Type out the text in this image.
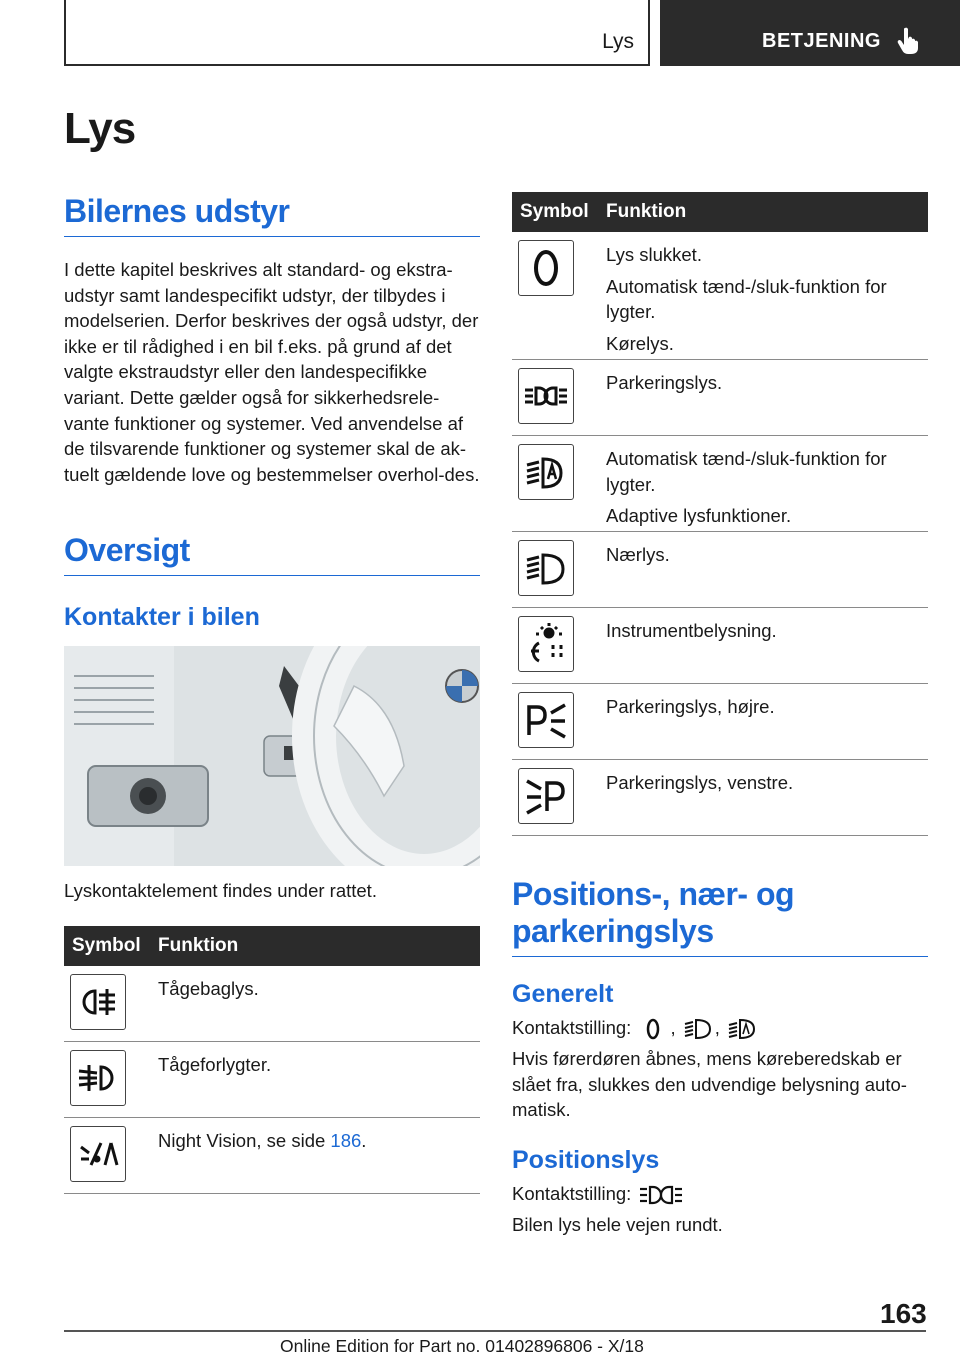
Lys	BETJENING
Lys
Bilernes udstyr

I dette kapitel beskrives alt standard- og ekstra-udstyr samt landespecifikt udstyr, der tilbydes i modelserien. Derfor beskrives der også udstyr, der ikke er til rådighed i en bil f.eks. på grund af det valgte ekstraudstyr eller den landespecifikke variant. Dette gælder også for sikkerhedsrele-vante funktioner og systemer. Ved anvendelse af de tilsvarende funktioner og systemer skal de ak-tuelt gældende love og bestemmelser overhol-des.

Oversigt
Kontakter i bilen

Lyskontaktelement findes under rattet.

Symbol Funktion

Tågebaglys.

Tågeforlygter.

Night Vision, se side 186.

Symbol Funktion

Lys slukket.

Automatisk tænd-/sluk-funktion for lygter.

Kørelys.

Parkeringslys.

Automatisk tænd-/sluk-funktion for lygter.

Adaptive lysfunktioner.

Nærlys.

Instrumentbelysning.

Parkeringslys, højre.

Parkeringslys, venstre.

Positions-, nær- og parkeringslys
Generelt

Kontaktstilling: , ,

Hvis førerdøren åbnes, mens kørеberedskab er slået fra, slukkes den udvendige belysning auto-matisk.

Positionslys

Kontaktstilling:

Bilen lys hele vejen rundt.

163
Online Edition for Part no. 01402896806 - X/18
